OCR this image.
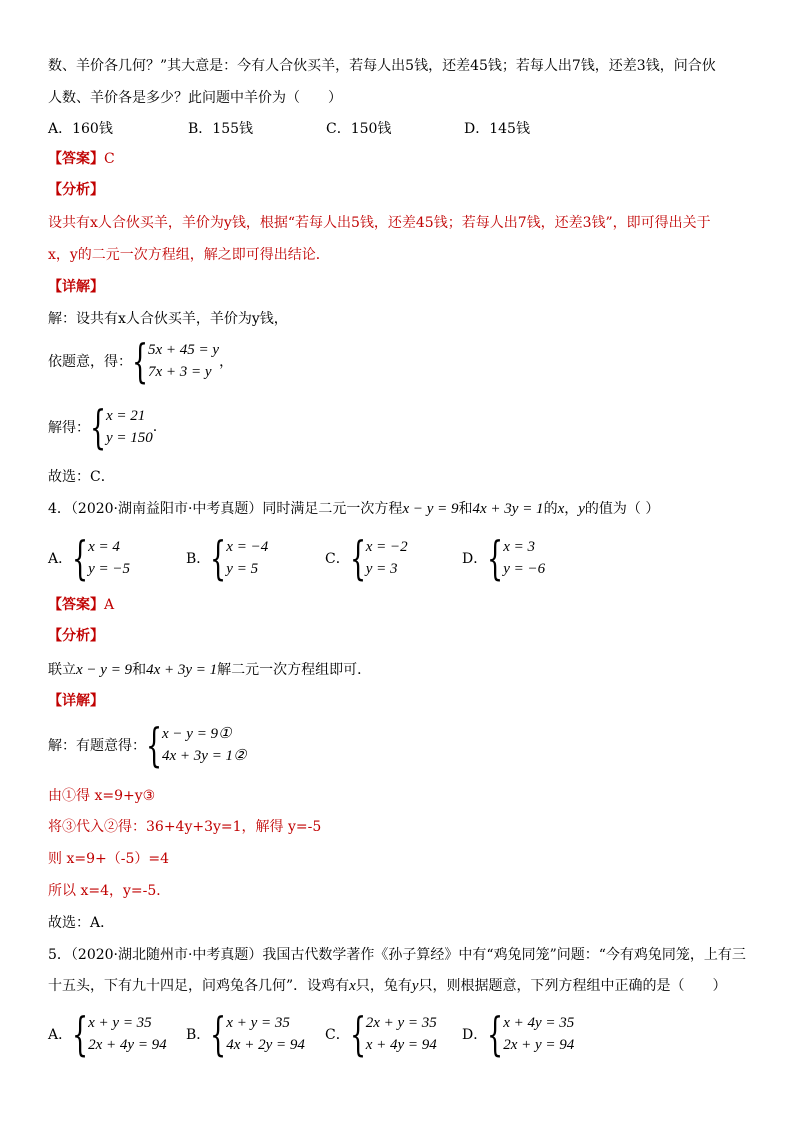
数、羊价各几何？”其大意是：今有人合伙买羊，若每人出5钱，还差45钱；若每人出7钱，还差3钱，问合伙
人数、羊价各是多少？此问题中羊价为（　　）
A．160钱	B．155钱	C．150钱	D．145钱
【答案】C
【分析】
设共有x人合伙买羊，羊价为y钱，根据“若每人出5钱，还差45钱；若每人出7钱，还差3钱”，即可得出关于
x，y的二元一次方程组，解之即可得出结论．
【详解】
解：设共有x人合伙买羊，羊价为y钱，
依题意，得： { 5x + 45 = y
7x + 3 = y
，
解得： { x = 21
y = 150
.
故选：C．
4．（2020·湖南益阳市·中考真题）同时满足二元一次方程x − y = 9和4x + 3y = 1的x，y的值为（ ）
A． { x = 4
y = −5
B． { x = −4
y = 5
C． { x = −2
y = 3
D． { x = 3
y = −6
【答案】A
【分析】
联立x − y = 9和4x + 3y = 1解二元一次方程组即可．
【详解】
解：有题意得： { x − y = 9①
4x + 3y = 1②
由①得 x=9+y③
将③代入②得：36+4y+3y=1，解得 y=-5
则 x=9+（-5）=4
所以 x=4，y=-5．
故选：A．
5．（2020·湖北随州市·中考真题）我国古代数学著作《孙子算经》中有“鸡兔同笼”问题：“今有鸡兔同笼，上有三
十五头，下有九十四足，问鸡兔各几何”．设鸡有x只，兔有y只，则根据题意，下列方程组中正确的是（　　）
A． { x + y = 35
2x + 4y = 94
B． { x + y = 35
4x + 2y = 94
C． { 2x + y = 35
x + 4y = 94
D． { x + 4y = 35
2x + y = 94
